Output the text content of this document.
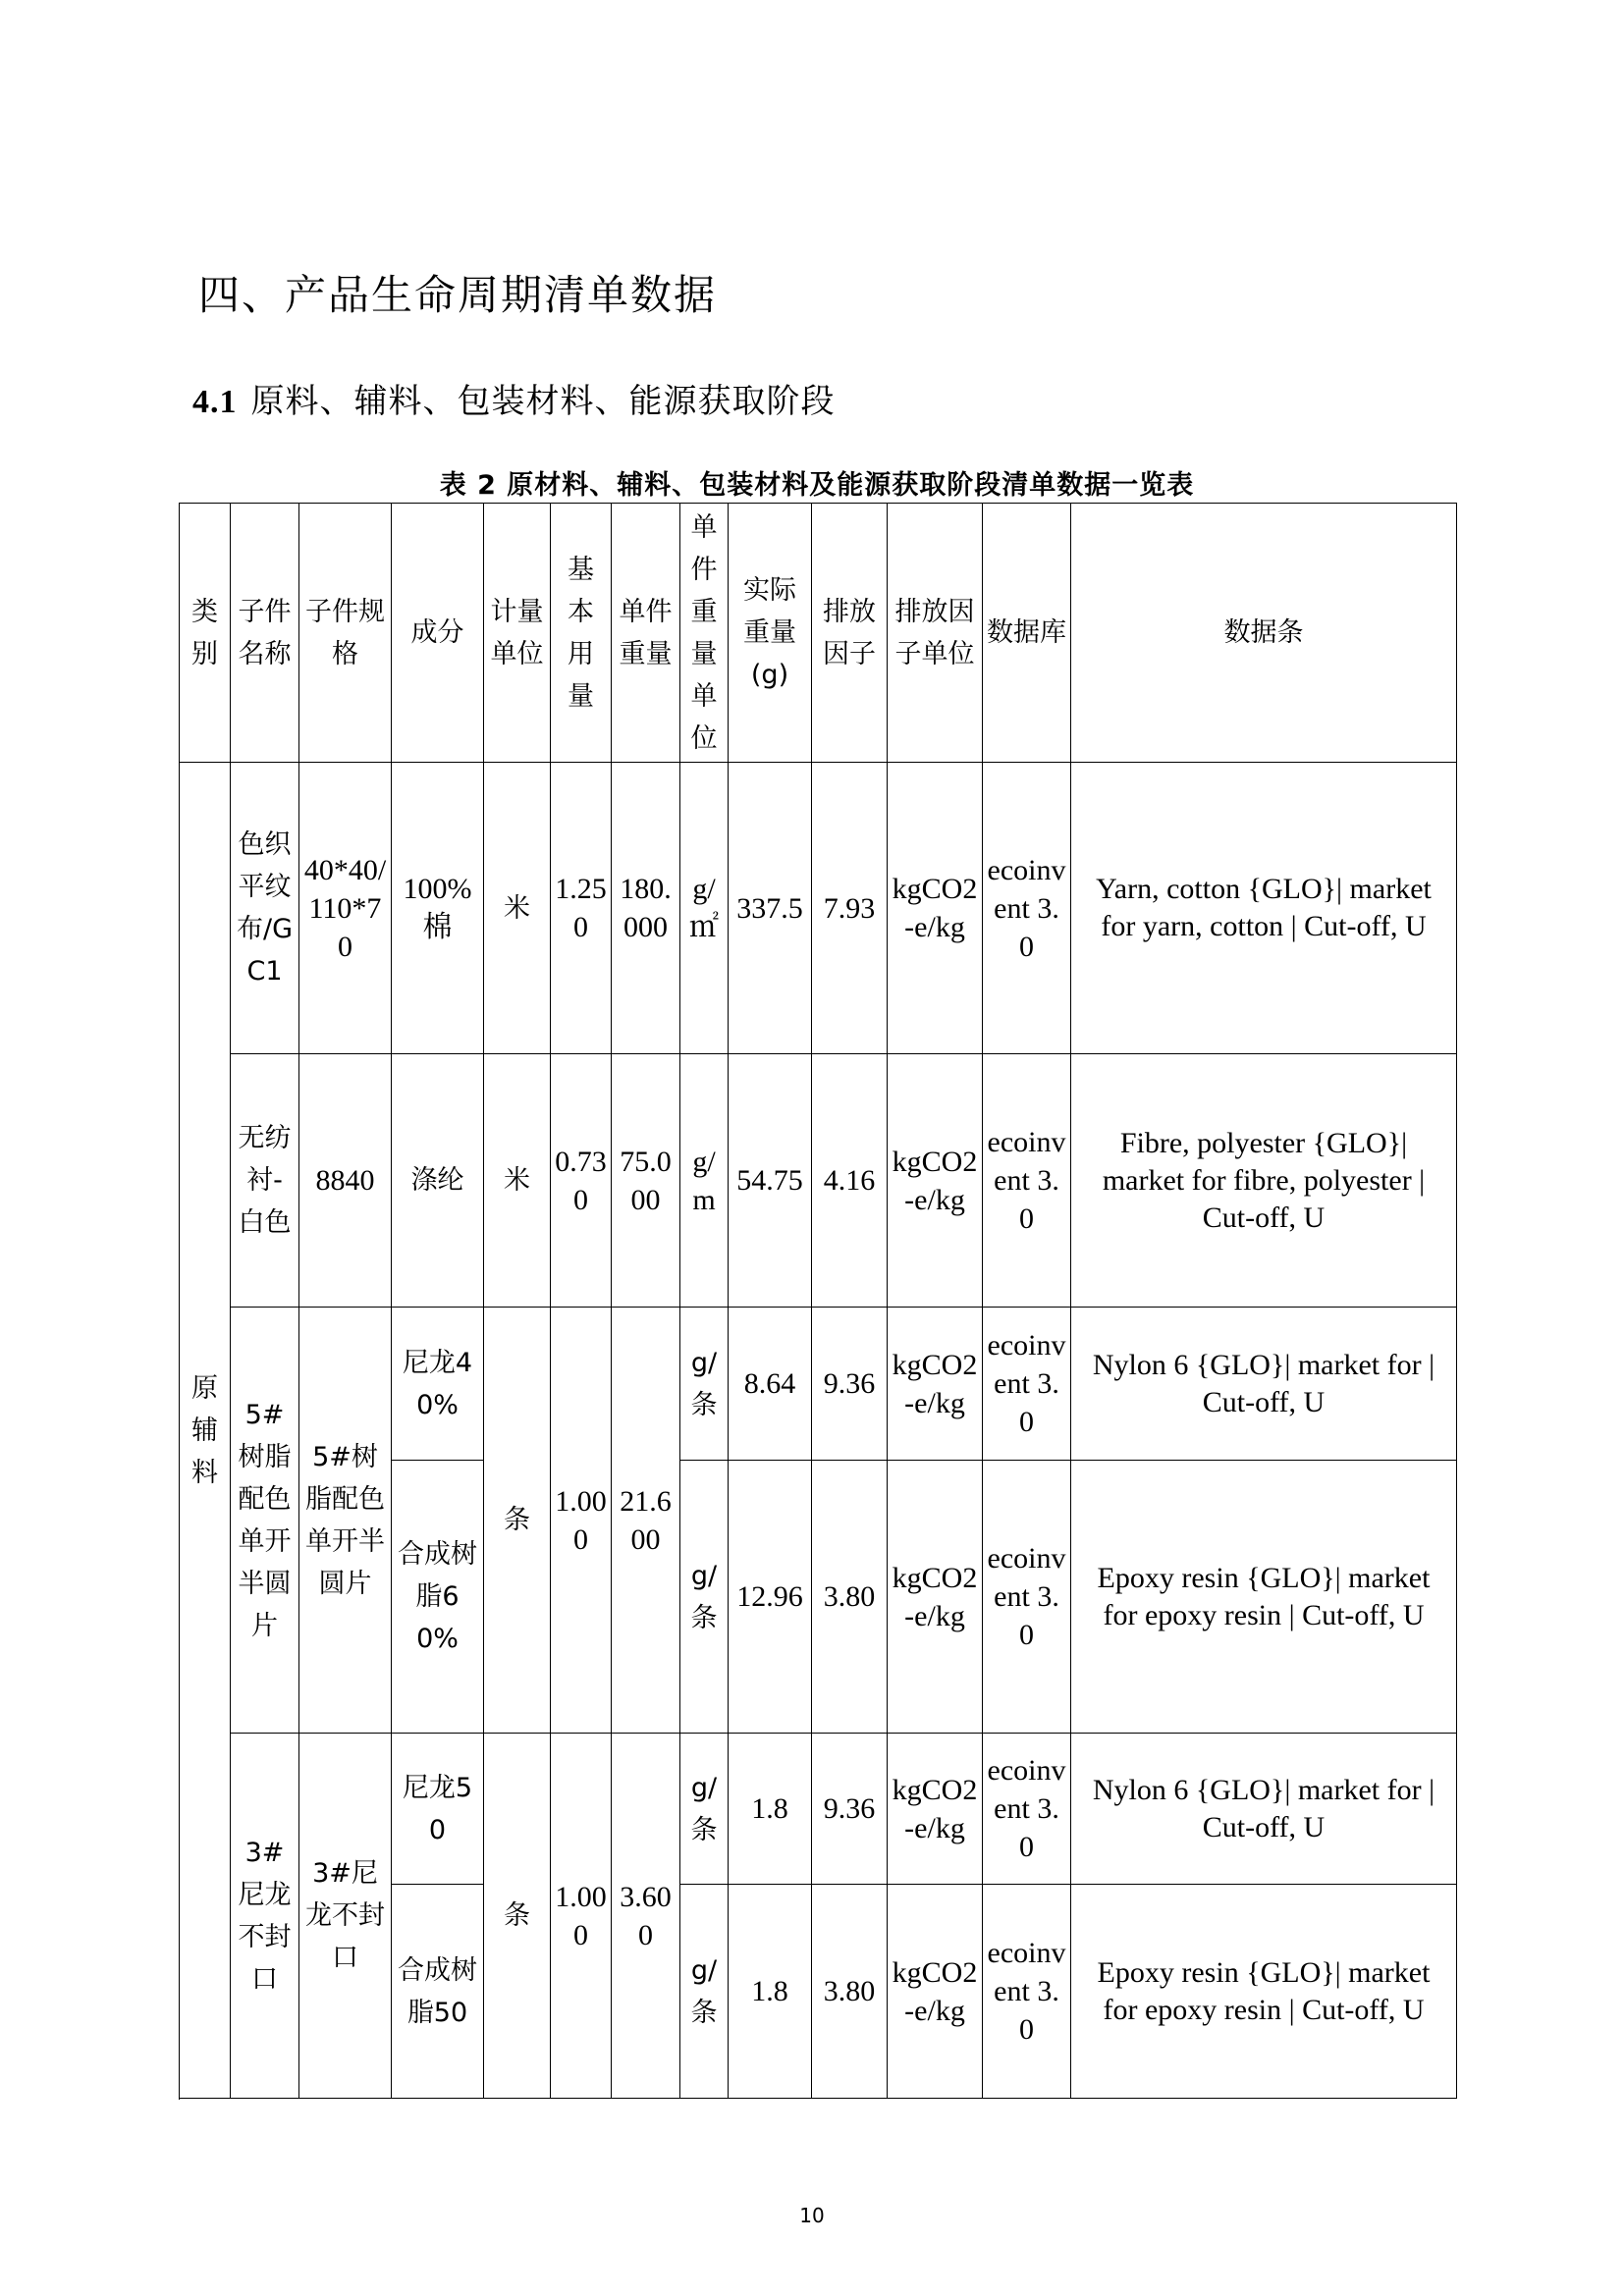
四、产品生命周期清单数据
4.1 原料、辅料、包装材料、能源获取阶段
表 2 原材料、辅料、包装材料及能源获取阶段清单数据一览表
类别	子件名称	子件规格	成分	计量单位	基本用量	单件重量	单件重量单位	实际重量(g)	排放因子	排放因子单位	数据库	数据条
原辅料	色织平纹布/GC1	40*40/110*70	100%棉	米	1.250	180.000	g/㎡	337.5	7.93	kgCO2-e/kg	ecoinvent 3.0	Yarn, cotton {GLO}| market for yarn, cotton | Cut-off, U
	无纺衬-白色	8840	涤纶	米	0.730	75.000	g/m	54.75	4.16	kgCO2-e/kg	ecoinvent 3.0	Fibre, polyester {GLO}| market for fibre, polyester | Cut-off, U
	5#树脂配色单开半圆片	5#树脂配色单开半圆片	尼龙40%	条	1.000	21.600	g/条	8.64	9.36	kgCO2-e/kg	ecoinvent 3.0	Nylon 6 {GLO}| market for | Cut-off, U
			合成树脂60%				g/条	12.96	3.80	kgCO2-e/kg	ecoinvent 3.0	Epoxy resin {GLO}| market for epoxy resin | Cut-off, U
	3#尼龙不封口	3#尼龙不封口	尼龙50	条	1.000	3.600	g/条	1.8	9.36	kgCO2-e/kg	ecoinvent 3.0	Nylon 6 {GLO}| market for | Cut-off, U
			合成树脂50				g/条	1.8	3.80	kgCO2-e/kg	ecoinvent 3.0	Epoxy resin {GLO}| market for epoxy resin | Cut-off, U

10
